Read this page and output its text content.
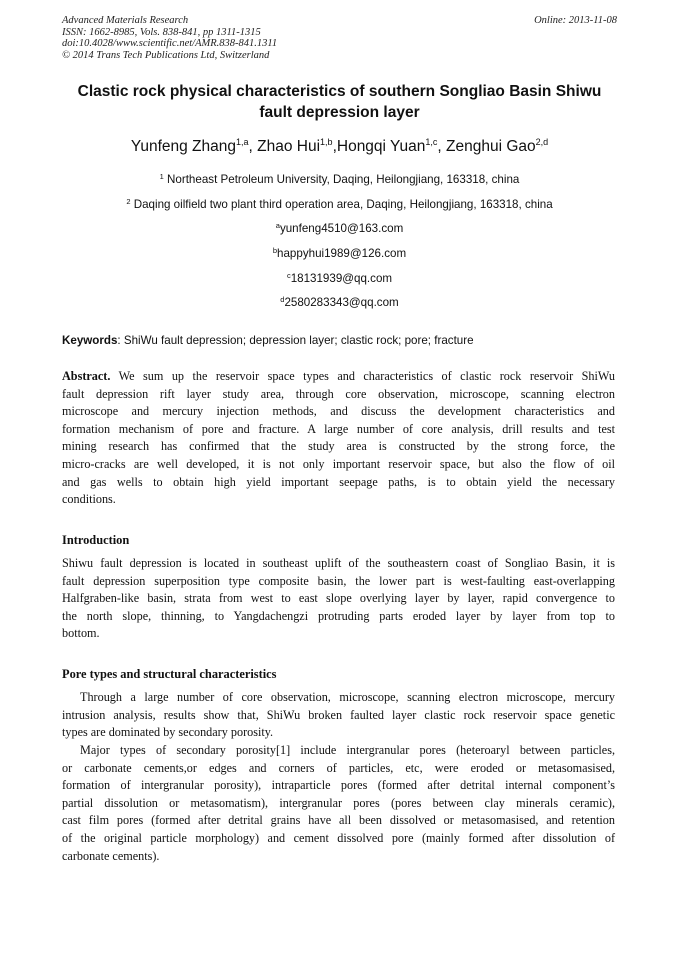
Advanced Materials Research
ISSN: 1662-8985, Vols. 838-841, pp 1311-1315
doi:10.4028/www.scientific.net/AMR.838-841.1311
© 2014 Trans Tech Publications Ltd, Switzerland
Online: 2013-11-08
Clastic rock physical characteristics of southern Songliao Basin Shiwu
fault depression layer
Yunfeng Zhang$^{1,a}$, Zhao Hui$^{1,b}$,Hongqi Yuan$^{1,c}$, Zenghui Gao$^{2,d}$
$^1$ Northeast Petroleum University, Daqing, Heilongjiang, 163318, china
$^2$ Daqing oilfield two plant third operation area, Daqing, Heilongjiang, 163318, china
$^a$yunfeng4510@163.com
$^b$happyhui1989@126.com
$^c$18131939@qq.com
$^d$2580283343@qq.com
Keywords: ShiWu fault depression; depression layer; clastic rock; pore; fracture
Abstract. We sum up the reservoir space types and characteristics of clastic rock reservoir ShiWu
fault depression rift layer study area, through core observation, microscope, scanning electron
microscope and mercury injection methods, and discuss the development characteristics and
formation mechanism of pore and fracture. A large number of core analysis, drill results and test
mining research has confirmed that the study area is constructed by the strong force, the
micro-cracks are well developed, it is not only important reservoir space, but also the flow of oil
and gas wells to obtain high yield important seepage paths, is to obtain yield the necessary
conditions.
Introduction
Shiwu fault depression is located in southeast uplift of the southeastern coast of Songliao Basin, it is
fault depression superposition type composite basin, the lower part is west-faulting east-overlapping
Halfgraben-like basin, strata from west to east slope overlying layer by layer, rapid convergence to
the north slope, thinning, to Yangdachengzi protruding parts eroded layer by layer from top to
bottom.
Pore types and structural characteristics
Through a large number of core observation, microscope, scanning electron microscope, mercury
intrusion analysis, results show that, ShiWu broken faulted layer clastic rock reservoir space genetic
types are dominated by secondary porosity.
Major types of secondary porosity[1] include intergranular pores (heteroaryl between particles,
or carbonate cements,or edges and corners of particles, etc, were eroded or metasomasised,
formation of intergranular porosity), intraparticle pores (formed after detrital internal component’s
partial dissolution or metasomatism), intergranular pores (pores between clay minerals ceramic),
cast film pores (formed after detrital grains have all been dissolved or metasomasised, and retention
of the original particle morphology) and cement dissolved pore (mainly formed after dissolution of
carbonate cements).
